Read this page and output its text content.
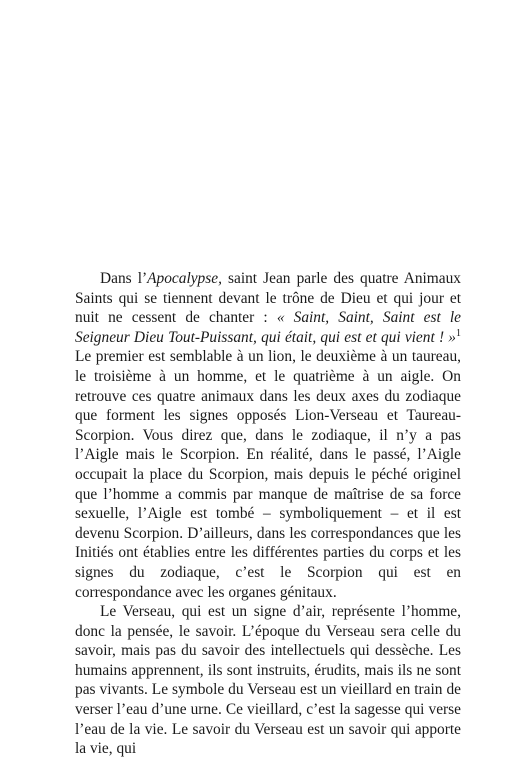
Dans l’Apocalypse, saint Jean parle des quatre Animaux Saints qui se tiennent devant le trône de Dieu et qui jour et nuit ne cessent de chanter : « Saint, Saint, Saint est le Seigneur Dieu Tout-Puissant, qui était, qui est et qui vient ! »$^1$ Le premier est semblable à un lion, le deuxième à un taureau, le troisième à un homme, et le quatrième à un aigle. On retrouve ces quatre animaux dans les deux axes du zodiaque que forment les signes opposés Lion-Verseau et Taureau-Scorpion. Vous direz que, dans le zodiaque, il n’y a pas l’Aigle mais le Scorpion. En réalité, dans le passé, l’Aigle occupait la place du Scorpion, mais depuis le péché originel que l’homme a commis par manque de maîtrise de sa force sexuelle, l’Aigle est tombé – symboliquement – et il est devenu Scorpion. D’ailleurs, dans les correspondances que les Initiés ont établies entre les différentes parties du corps et les signes du zodiaque, c’est le Scorpion qui est en correspondance avec les organes génitaux.

Le Verseau, qui est un signe d’air, représente l’homme, donc la pensée, le savoir. L’époque du Verseau sera celle du savoir, mais pas du savoir des intellectuels qui dessèche. Les humains apprennent, ils sont instruits, érudits, mais ils ne sont pas vivants. Le symbole du Verseau est un vieillard en train de verser l’eau d’une urne. Ce vieillard, c’est la sagesse qui verse l’eau de la vie. Le savoir du Verseau est un savoir qui apporte la vie, qui
